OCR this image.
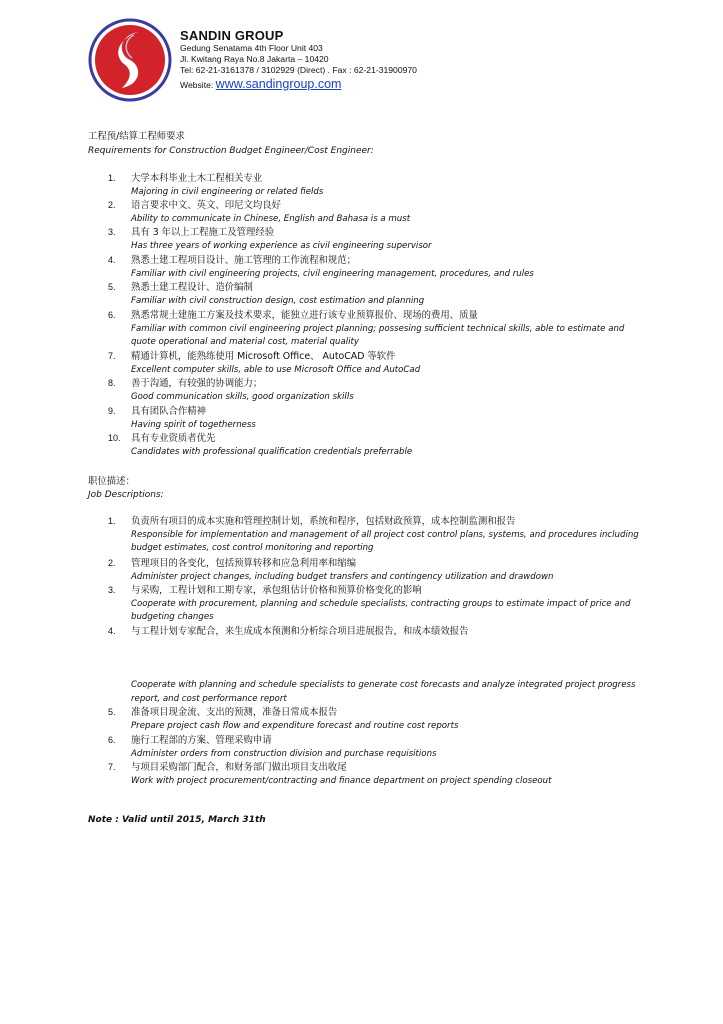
SANDIN GROUP
Gedung Senatama 4th Floor Unit 403
Jl. Kwitang Raya No.8 Jakarta – 10420
Tel: 62-21-3161378 / 3102929 (Direct) . Fax : 62-21-31900970
Website: www.sandingroup.com
工程预/结算工程师要求
Requirements for Construction Budget Engineer/Cost Engineer:
1. 大学本科毕业土木工程相关专业
Majoring in civil engineering or related fields
2. 语言要求中文、英文、印尼文均良好
Ability to communicate in Chinese, English and Bahasa is a must
3. 具有 3 年以上工程施工及管理经验
Has three years of working experience as civil engineering supervisor
4. 熟悉土建工程项目设计、施工管理的工作流程和规范；
Familiar with civil engineering projects, civil engineering management, procedures, and rules
5. 熟悉土建工程设计、造价编制
Familiar with civil construction design, cost estimation and planning
6. 熟悉常规土建施工方案及技术要求，能独立进行该专业预算报价、现场的费用、质量
Familiar with common civil engineering project planning; possesing sufficient technical skills, able to estimate and quote operational and material cost, material quality
7. 精通计算机，能熟练使用 Microsoft Office、 AutoCAD 等软件
Excellent computer skills, able to use Microsoft Office and AutoCad
8. 善于沟通，有较强的协调能力；
Good communication skills, good organization skills
9. 具有团队合作精神
Having spirit of togetherness
10. 具有专业资质者优先
Candidates with professional qualification credentials preferrable
职位描述：
Job Descriptions:
1. 负责所有项目的成本实施和管理控制计划，系统和程序，包括财政预算，成本控制监测和报告
Responsible for implementation and management of all project cost control plans, systems, and procedures including budget estimates, cost control monitoring and reporting
2. 管理项目的各变化，包括预算转移和应急利用率和缩编
Administer project changes, including budget transfers and contingency utilization and drawdown
3. 与采购，工程计划和工期专家，承包组估计价格和预算价格变化的影响
Cooperate with procurement, planning and schedule specialists, contracting groups to estimate impact of price and budgeting changes
4. 与工程计划专家配合，来生成成本预测和分析综合项目进展报告，和成本绩效报告
Cooperate with planning and schedule specialists to generate cost forecasts and analyze integrated project progress report, and cost performance report
5. 准备项目现金流、支出的预测，准备日常成本报告
Prepare project cash flow and expenditure forecast and routine cost reports
6. 施行工程部的方案、管理采购申请
Administer orders from construction division and purchase requisitions
7. 与项目采购部门配合，和财务部门做出项目支出收尾
Work with project procurement/contracting and finance department on project spending closeout
Note : Valid until 2015, March 31th
